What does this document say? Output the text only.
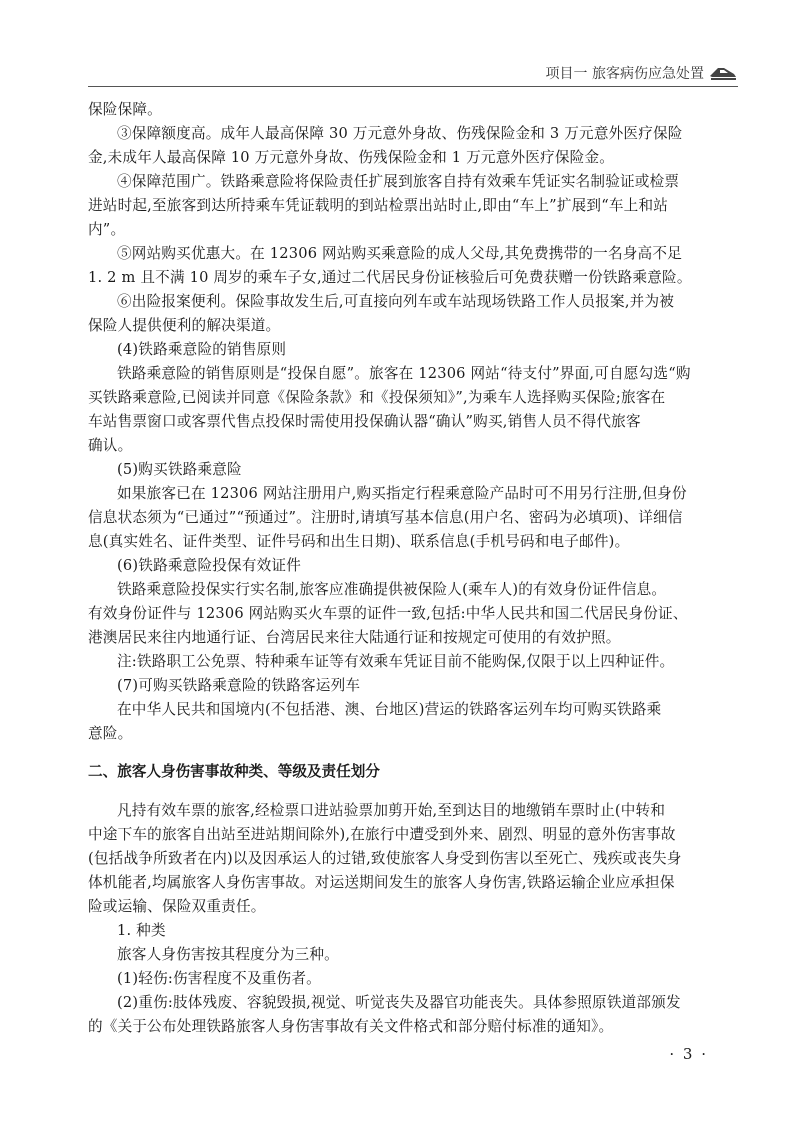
项目一 旅客病伤应急处置

保险保障。

③保障额度高。成年人最高保障 30 万元意外身故、伤残保险金和 3 万元意外医疗保险

金,未成年人最高保障 10 万元意外身故、伤残保险金和 1 万元意外医疗保险金。

④保障范围广。铁路乘意险将保险责任扩展到旅客自持有效乘车凭证实名制验证或检票

进站时起,至旅客到达所持乘车凭证载明的到站检票出站时止,即由“车上”扩展到“车上和站

内”。

⑤网站购买优惠大。在 12306 网站购买乘意险的成人父母,其免费携带的一名身高不足

1. 2 m 且不满 10 周岁的乘车子女,通过二代居民身份证核验后可免费获赠一份铁路乘意险。

⑥出险报案便利。保险事故发生后,可直接向列车或车站现场铁路工作人员报案,并为被

保险人提供便利的解决渠道。

(4)铁路乘意险的销售原则

铁路乘意险的销售原则是“投保自愿”。旅客在 12306 网站“待支付”界面,可自愿勾选“购

买铁路乘意险,已阅读并同意《保险条款》和《投保须知》”,为乘车人选择购买保险;旅客在

车站售票窗口或客票代售点投保时需使用投保确认器“确认”购买,销售人员不得代旅客

确认。

(5)购买铁路乘意险

如果旅客已在 12306 网站注册用户,购买指定行程乘意险产品时可不用另行注册,但身份

信息状态须为“已通过”“预通过”。注册时,请填写基本信息(用户名、密码为必填项)、详细信

息(真实姓名、证件类型、证件号码和出生日期)、联系信息(手机号码和电子邮件)。

(6)铁路乘意险投保有效证件

铁路乘意险投保实行实名制,旅客应准确提供被保险人(乘车人)的有效身份证件信息。

有效身份证件与 12306 网站购买火车票的证件一致,包括:中华人民共和国二代居民身份证、

港澳居民来往内地通行证、台湾居民来往大陆通行证和按规定可使用的有效护照。

注:铁路职工公免票、特种乘车证等有效乘车凭证目前不能购保,仅限于以上四种证件。

(7)可购买铁路乘意险的铁路客运列车

在中华人民共和国境内(不包括港、澳、台地区)营运的铁路客运列车均可购买铁路乘

意险。

二、旅客人身伤害事故种类、等级及责任划分

凡持有效车票的旅客,经检票口进站验票加剪开始,至到达目的地缴销车票时止(中转和

中途下车的旅客自出站至进站期间除外),在旅行中遭受到外来、剧烈、明显的意外伤害事故

(包括战争所致者在内)以及因承运人的过错,致使旅客人身受到伤害以至死亡、残疾或丧失身

体机能者,均属旅客人身伤害事故。对运送期间发生的旅客人身伤害,铁路运输企业应承担保

险或运输、保险双重责任。

1. 种类

旅客人身伤害按其程度分为三种。

(1)轻伤:伤害程度不及重伤者。

(2)重伤:肢体残废、容貌毁损,视觉、听觉丧失及器官功能丧失。具体参照原铁道部颁发

的《关于公布处理铁路旅客人身伤害事故有关文件格式和部分赔付标准的通知》。

· 3 ·
